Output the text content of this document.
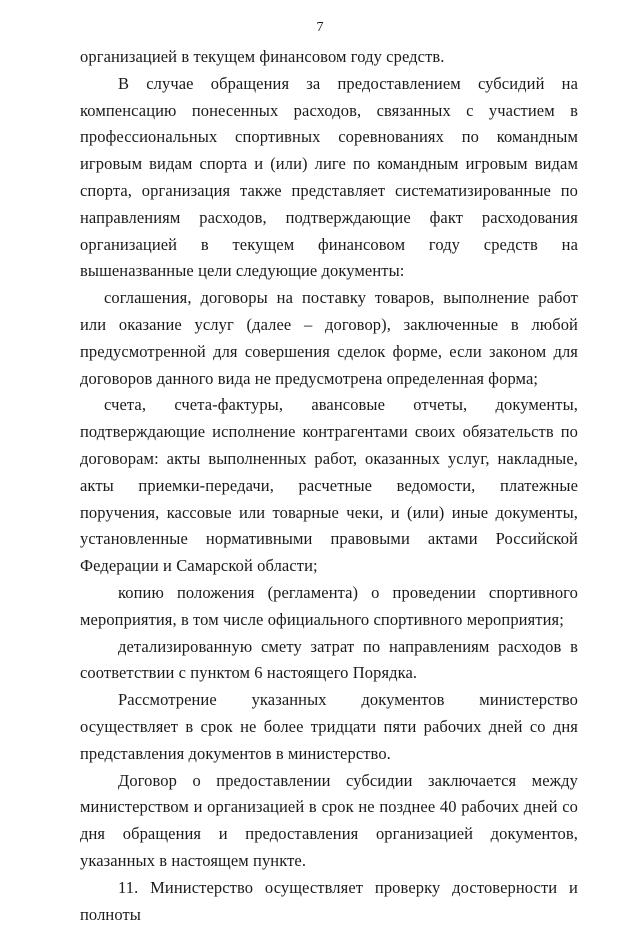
7

организацией в текущем финансовом году средств.

В случае обращения за предоставлением субсидий на компенсацию понесенных расходов, связанных с участием в профессиональных спортивных соревнованиях по командным игровым видам спорта и (или) лиге по командным игровым видам спорта, организация также представляет систематизированные по направлениям расходов, подтверждающие факт расходования организацией в текущем финансовом году средств на вышеназванные цели следующие документы:

соглашения, договоры на поставку товаров, выполнение работ или оказание услуг (далее – договор), заключенные в любой предусмотренной для совершения сделок форме, если законом для договоров данного вида не предусмотрена определенная форма;

счета, счета-фактуры, авансовые отчеты, документы, подтверждающие исполнение контрагентами своих обязательств по договорам: акты выполненных работ, оказанных услуг, накладные, акты приемки-передачи, расчетные ведомости, платежные поручения, кассовые или товарные чеки, и (или) иные документы, установленные нормативными правовыми актами Российской Федерации и Самарской области;

копию положения (регламента) о проведении спортивного мероприятия, в том числе официального спортивного мероприятия;

детализированную смету затрат по направлениям расходов в соответствии с пунктом 6 настоящего Порядка.

Рассмотрение указанных документов министерство осуществляет в срок не более тридцати пяти рабочих дней со дня представления документов в министерство.

Договор о предоставлении субсидии заключается между министерством и организацией в срок не позднее 40 рабочих дней со дня обращения и предоставления организацией документов, указанных в настоящем пункте.

11. Министерство осуществляет проверку достоверности и полноты
